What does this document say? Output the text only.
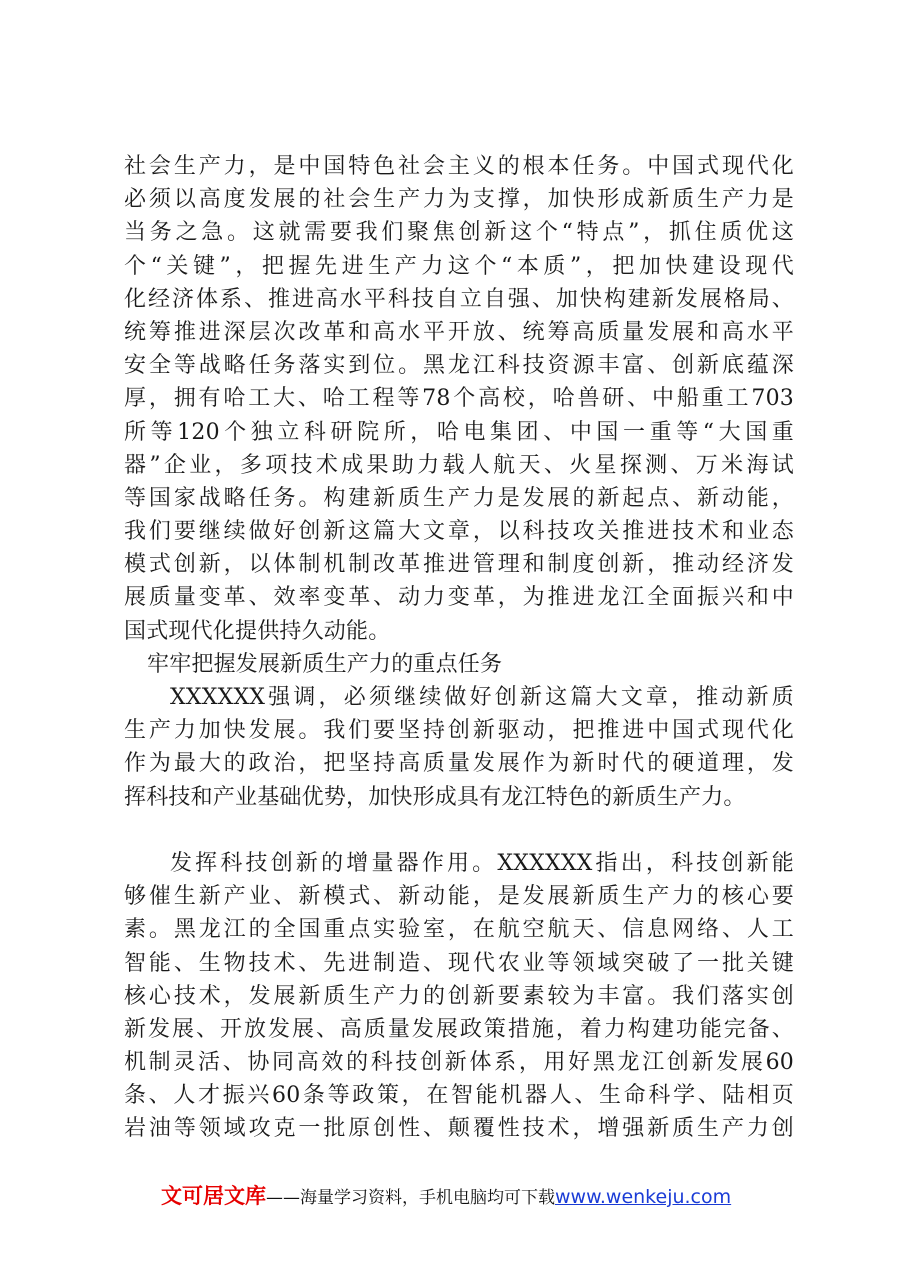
社会生产力，是中国特色社会主义的根本任务。中国式现代化
必须以高度发展的社会生产力为支撑，加快形成新质生产力是
当务之急。这就需要我们聚焦创新这个“特点”，抓住质优这
个“关键”，把握先进生产力这个“本质”，把加快建设现代
化经济体系、推进高水平科技自立自强、加快构建新发展格局、
统筹推进深层次改革和高水平开放、统筹高质量发展和高水平
安全等战略任务落实到位。黑龙江科技资源丰富、创新底蕴深
厚，拥有哈工大、哈工程等78个高校，哈兽研、中船重工703
所等120个独立科研院所，哈电集团、中国一重等“大国重
器”企业，多项技术成果助力载人航天、火星探测、万米海试
等国家战略任务。构建新质生产力是发展的新起点、新动能，
我们要继续做好创新这篇大文章，以科技攻关推进技术和业态
模式创新，以体制机制改革推进管理和制度创新，推动经济发
展质量变革、效率变革、动力变革，为推进龙江全面振兴和中
国式现代化提供持久动能。
牢牢把握发展新质生产力的重点任务
XXXXXX强调，必须继续做好创新这篇大文章，推动新质
生产力加快发展。我们要坚持创新驱动，把推进中国式现代化
作为最大的政治，把坚持高质量发展作为新时代的硬道理，发
挥科技和产业基础优势，加快形成具有龙江特色的新质生产力。
发挥科技创新的增量器作用。XXXXXX指出，科技创新能
够催生新产业、新模式、新动能，是发展新质生产力的核心要
素。黑龙江的全国重点实验室，在航空航天、信息网络、人工
智能、生物技术、先进制造、现代农业等领域突破了一批关键
核心技术，发展新质生产力的创新要素较为丰富。我们落实创
新发展、开放发展、高质量发展政策措施，着力构建功能完备、
机制灵活、协同高效的科技创新体系，用好黑龙江创新发展60
条、人才振兴60条等政策，在智能机器人、生命科学、陆相页
岩油等领域攻克一批原创性、颠覆性技术，增强新质生产力创
文可居文库——海量学习资料，手机电脑均可下载www.wenkeju.com
